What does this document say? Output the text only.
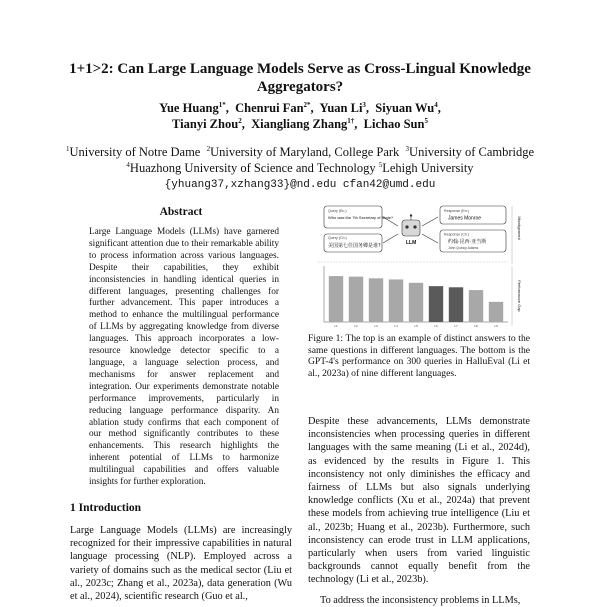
1+1>2: Can Large Language Models Serve as Cross-Lingual Knowledge Aggregators?
Yue Huang$^{1*}$,  Chenrui Fan$^{2*}$,  Yuan Li$^3$,  Siyuan Wu$^4$,
Tianyi Zhou$^2$,  Xiangliang Zhang$^{1\dagger}$,  Lichao Sun$^5$
$^1$University of Notre Dame $^2$University of Maryland, College Park $^3$University of Cambridge
$^4$Huazhong University of Science and Technology $^5$Lehigh University
{yhuang37,xzhang33}@nd.edu cfan42@umd.edu
Abstract
Large Language Models (LLMs) have garnered significant attention due to their remarkable ability to process information across various languages. Despite their capabilities, they exhibit inconsistencies in handling identical queries in different languages, presenting challenges for further advancement. This paper introduces a method to enhance the multilingual performance of LLMs by aggregating knowledge from diverse languages. This approach incorporates a low-resource knowledge detector specific to a language, a language selection process, and mechanisms for answer replacement and integration. Our experiments demonstrate notable performance improvements, particularly in reducing language performance disparity. An ablation study confirms that each component of our method significantly contributes to these enhancements. This research highlights the inherent potential of LLMs to harmonize multilingual capabilities and offers valuable insights for further exploration.
1 Introduction
Large Language Models (LLMs) are increasingly recognized for their impressive capabilities in natural language processing (NLP). Employed across a variety of domains such as the medical sector (Liu et al., 2023c; Zhang et al., 2023a), data generation (Wu et al., 2024), scientific research (Guo et al.,
Query (En.)
Who was the 7th Secretary of State?
Query (Ch.)
美国第七任国务卿是谁?	LLM
Response (En.)
James Monroe
Response (Ch.)
约翰·昆西·亚当斯
John Quincy Adams
Misalignment
L1	L2	L3	L4	L5	L6	L7	L8	L9
Performance Gap
Figure 1: The top is an example of distinct answers to the same questions in different languages. The bottom is the GPT-4's performance on 300 queries in HalluEval (Li et al., 2023a) of nine different languages.
Despite these advancements, LLMs demonstrate inconsistencies when processing queries in different languages with the same meaning (Li et al., 2024d), as evidenced by the results in Figure 1. This inconsistency not only diminishes the efficacy and fairness of LLMs but also signals underlying knowledge conflicts (Xu et al., 2024a) that prevent these models from achieving true intelligence (Liu et al., 2023b; Huang et al., 2023b). Furthermore, such inconsistency can erode trust in LLM applications, particularly when users from varied linguistic backgrounds cannot equally benefit from the technology (Li et al., 2023b).
To address the inconsistency problems in LLMs,
